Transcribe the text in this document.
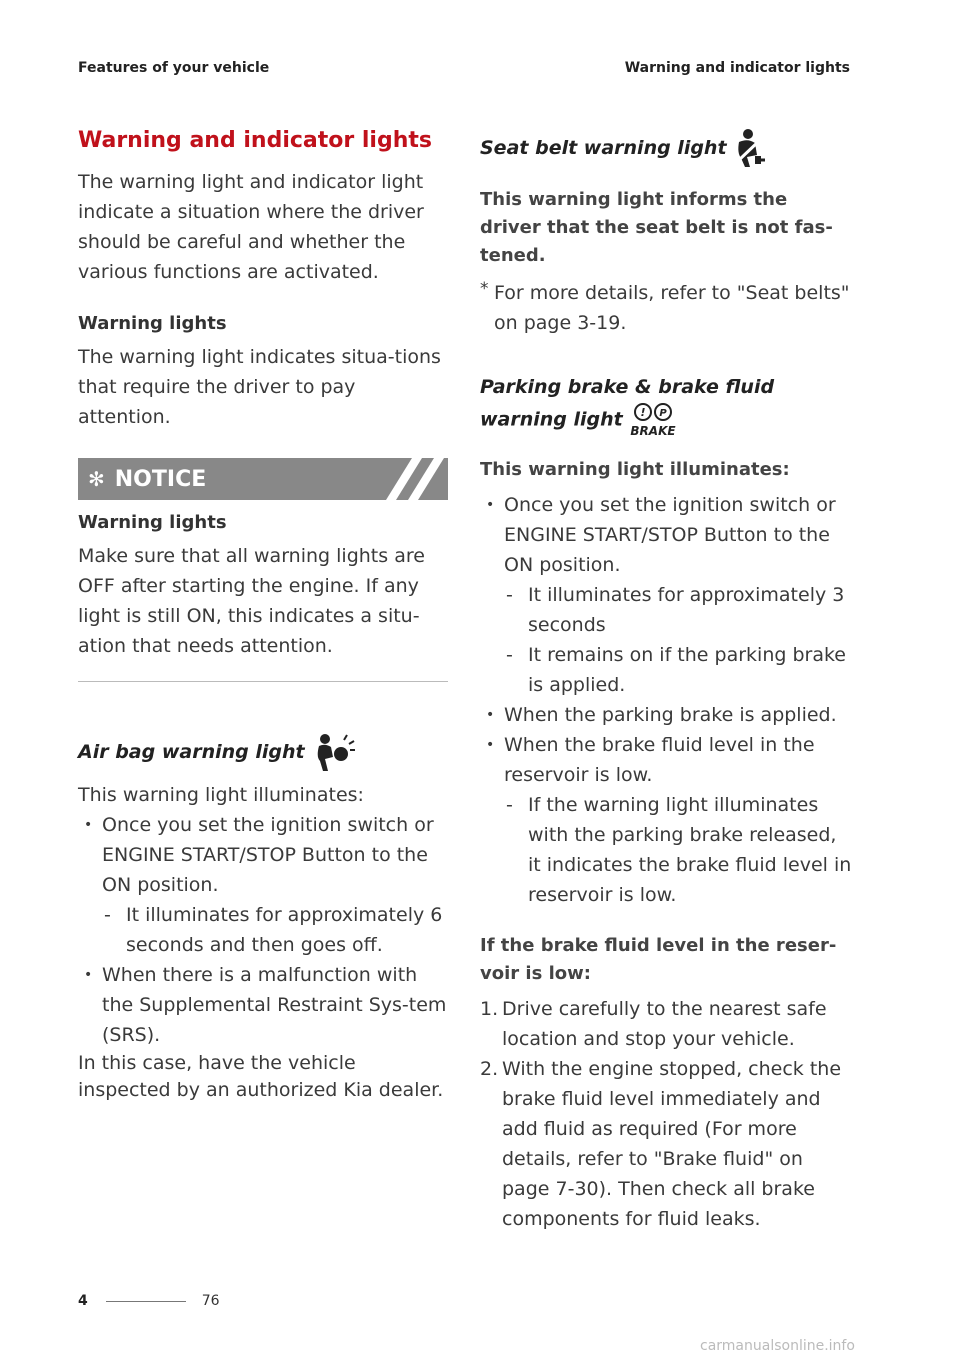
Features of your vehicle	Warning and indicator lights
Warning and indicator lights

The warning light and indicator light indicate a situation where the driver should be careful and whether the various functions are activated.

Warning lights

The warning light indicates situa-tions that require the driver to pay attention.

✻ NOTICE
Warning lights

Make sure that all warning lights are OFF after starting the engine. If any light is still ON, this indicates a situ-ation that needs attention.

Air bag warning light

This warning light illuminates:

• Once you set the ignition switch or ENGINE START/STOP Button to the ON position.
- It illuminates for approximately 6 seconds and then goes off.
• When there is a malfunction with the Supplemental Restraint Sys-tem (SRS).

In this case, have the vehicle inspected by an authorized Kia dealer.

Seat belt warning light

This warning light informs the driver that the seat belt is not fas-tened.

* For more details, refer to "Seat belts" on page 3-19.

Parking brake & brake fluid warning light ! P
BRAKE

This warning light illuminates:

• Once you set the ignition switch or ENGINE START/STOP Button to the ON position.
- It illuminates for approximately 3 seconds
- It remains on if the parking brake is applied.
• When the parking brake is applied.
• When the brake fluid level in the reservoir is low.
- If the warning light illuminates with the parking brake released, it indicates the brake fluid level in reservoir is low.

If the brake fluid level in the reser-voir is low:

1. Drive carefully to the nearest safe location and stop your vehicle.
2. With the engine stopped, check the brake fluid level immediately and add fluid as required (For more details, refer to "Brake fluid" on page 7-30). Then check all brake components for fluid leaks.
4	76
carmanualsonline.info
